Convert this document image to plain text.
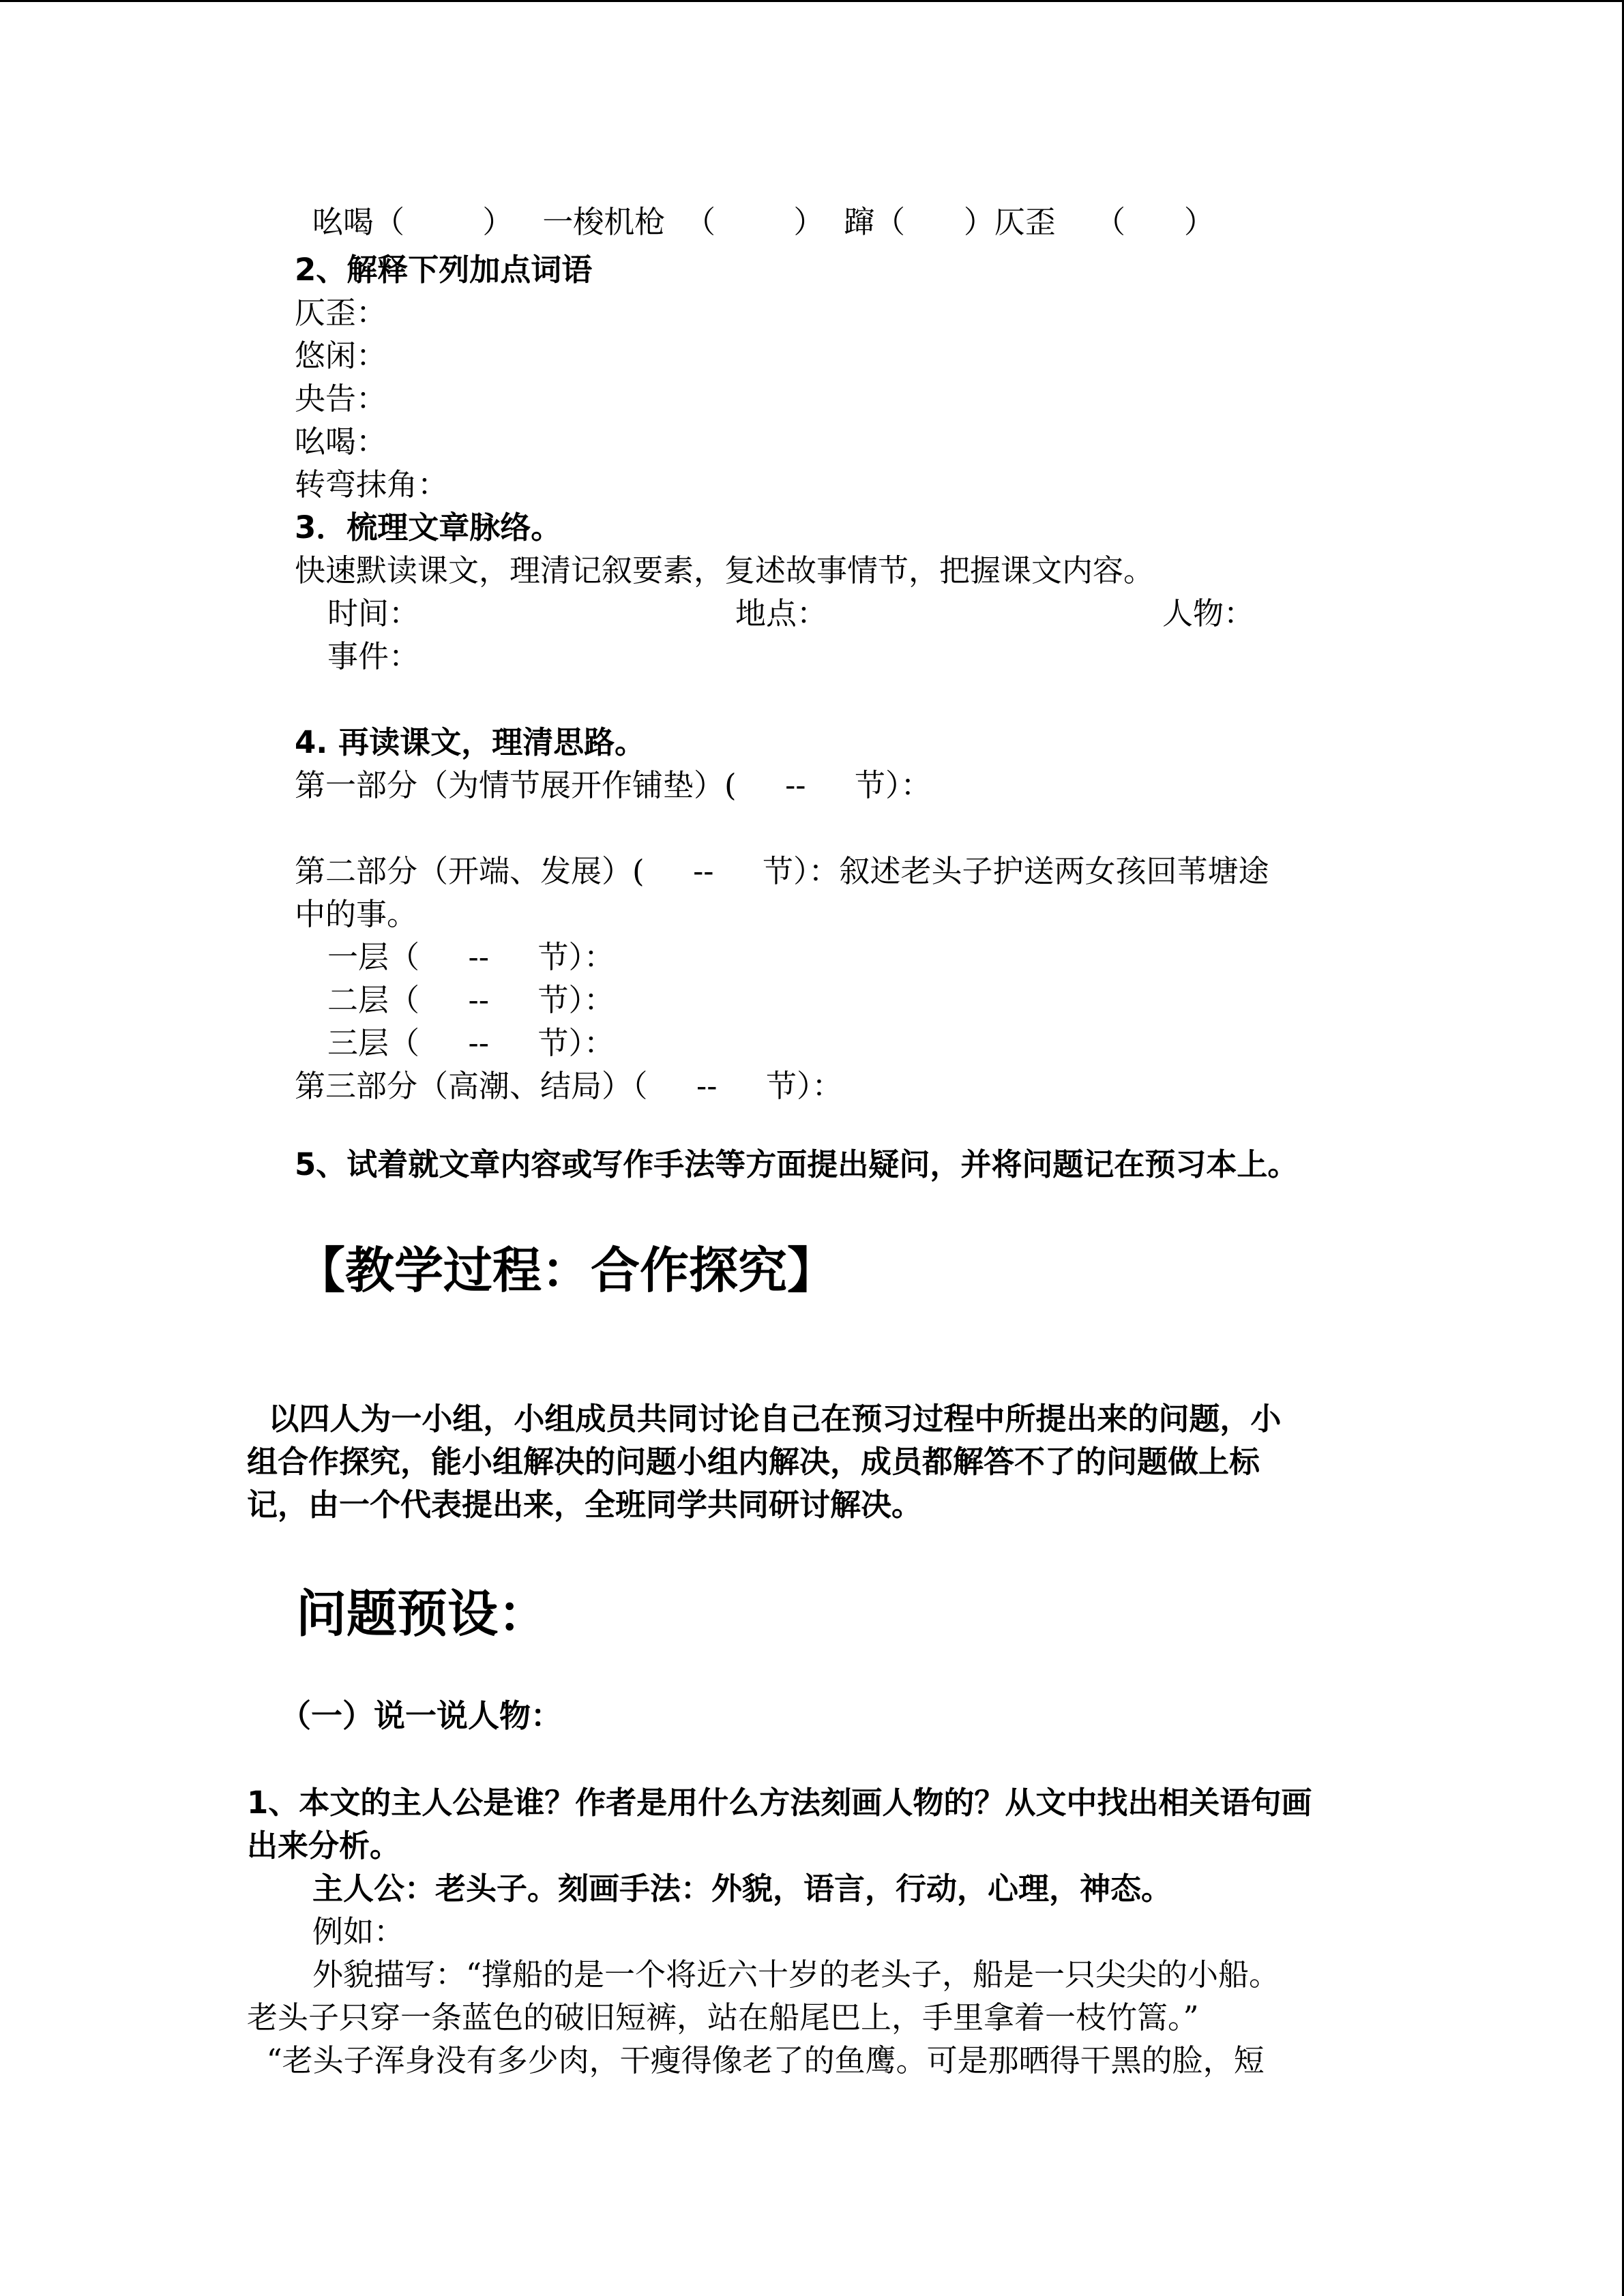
吆喝（        ）   一梭机枪  （        ）  蹿（      ）仄歪    （      ）
2、解释下列加点词语
仄歪：
悠闲：
央告：
吆喝：
转弯抹角：
3．梳理文章脉络。
快速默读课文，理清记叙要素，复述故事情节，把握课文内容。
时间：	地点：	人物：
事件：
4. 再读课文，理清思路。
第一部分（为情节展开作铺垫）(     --     节）：
第二部分（开端、发展）(     --     节）：叙述老头子护送两女孩回苇塘途
中的事。
一层（     --     节）：
二层（     --     节）：
三层（     --     节）：
第三部分（高潮、结局）（     --     节）：
5、试着就文章内容或写作手法等方面提出疑问，并将问题记在预习本上。
【教学过程：合作探究】
以四人为一小组，小组成员共同讨论自己在预习过程中所提出来的问题，小
组合作探究，能小组解决的问题小组内解决，成员都解答不了的问题做上标
记，由一个代表提出来，全班同学共同研讨解决。
问题预设：
（一）说一说人物：
1、本文的主人公是谁？作者是用什么方法刻画人物的？从文中找出相关语句画
出来分析。
主人公：老头子。刻画手法：外貌，语言，行动，心理，神态。
例如：
外貌描写：“撑船的是一个将近六十岁的老头子，船是一只尖尖的小船。
老头子只穿一条蓝色的破旧短裤，站在船尾巴上，手里拿着一枝竹篙。”
“老头子浑身没有多少肉，干瘦得像老了的鱼鹰。可是那晒得干黑的脸，短
